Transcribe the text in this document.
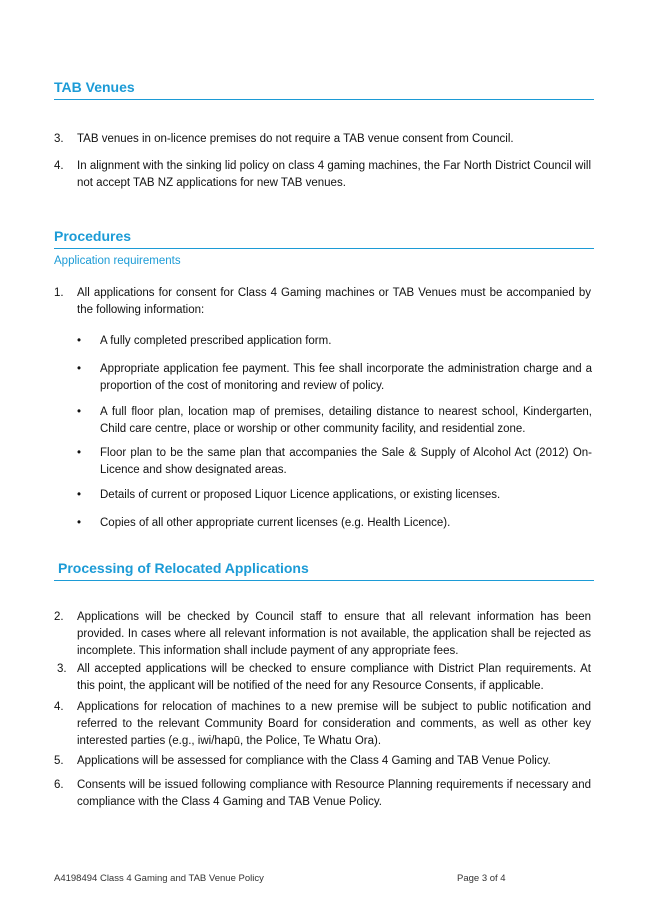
TAB Venues
3.	TAB venues in on-licence premises do not require a TAB venue consent from Council.

4.	In alignment with the sinking lid policy on class 4 gaming machines, the Far North District Council will not accept TAB NZ applications for new TAB venues.

Procedures

Application requirements

1.	All applications for consent for Class 4 Gaming machines or TAB Venues must be accompanied by the following information:

•	A fully completed prescribed application form.

•	Appropriate application fee payment. This fee shall incorporate the administration charge and a proportion of the cost of monitoring and review of policy.

•	A full floor plan, location map of premises, detailing distance to nearest school, Kindergarten, Child care centre, place or worship or other community facility, and residential zone.

•	Floor plan to be the same plan that accompanies the Sale & Supply of Alcohol Act (2012) On-Licence and show designated areas.

•	Details of current or proposed Liquor Licence applications, or existing licenses.

•	Copies of all other appropriate current licenses (e.g. Health Licence).

Processing of Relocated Applications
2.	Applications will be checked by Council staff to ensure that all relevant information has been provided. In cases where all relevant information is not available, the application shall be rejected as incomplete. This information shall include payment of any appropriate fees.

3. All accepted applications will be checked to ensure compliance with District Plan requirements. At this point, the applicant will be notified of the need for any Resource Consents, if applicable.

4.	Applications for relocation of machines to a new premise will be subject to public notification and referred to the relevant Community Board for consideration and comments, as well as other key interested parties (e.g., iwi/hapū, the Police, Te Whatu Ora).

5.	Applications will be assessed for compliance with the Class 4 Gaming and TAB Venue Policy.

6.	Consents will be issued following compliance with Resource Planning requirements if necessary and compliance with the Class 4 Gaming and TAB Venue Policy.

A4198494 Class 4 Gaming and TAB Venue Policy	Page 3 of 4
